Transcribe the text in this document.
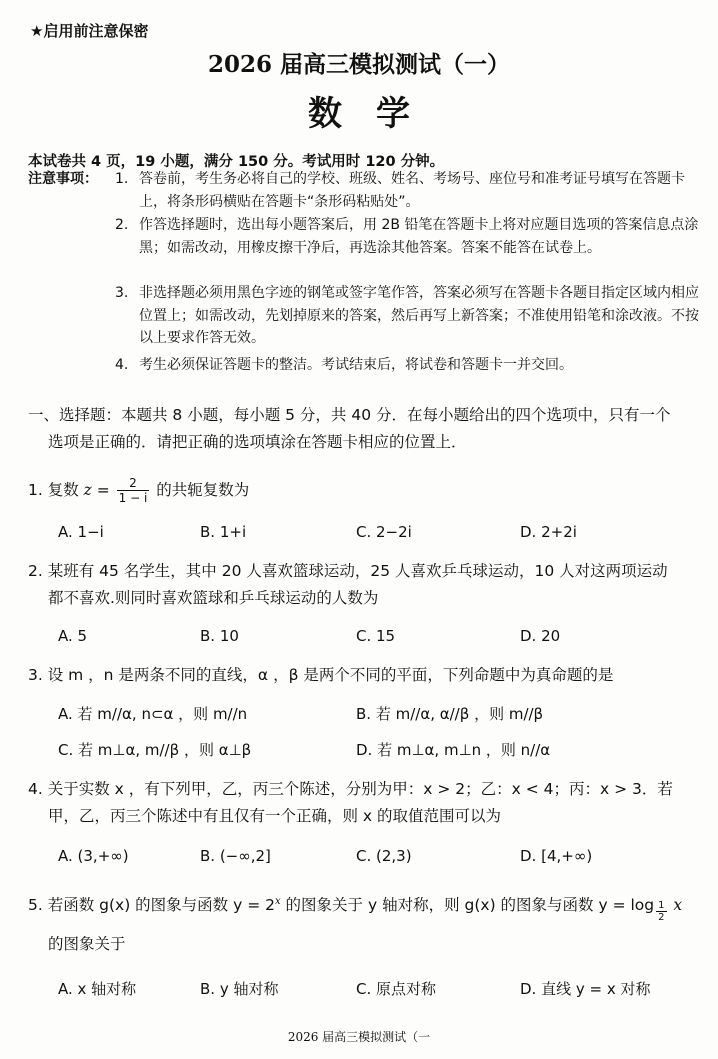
★启用前注意保密
2026 届高三模拟测试（一）
数学
本试卷共 4 页，19 小题，满分 150 分。考试用时 120 分钟。
注意事项： 1. 答卷前，考生务必将自己的学校、班级、姓名、考场号、座位号和准考证号填写在答题卡上，将条形码横贴在答题卡“条形码粘贴处”。
2. 作答选择题时，选出每小题答案后，用 2B 铅笔在答题卡上将对应题目选项的答案信息点涂黑；如需改动，用橡皮擦干净后，再选涂其他答案。答案不能答在试卷上。
3. 非选择题必须用黑色字迹的钢笔或签字笔作答，答案必须写在答题卡各题目指定区域内相应位置上；如需改动，先划掉原来的答案，然后再写上新答案；不准使用铅笔和涂改液。不按以上要求作答无效。
4. 考生必须保证答题卡的整洁。考试结束后，将试卷和答题卡一并交回。
一、选择题：本题共 8 小题，每小题 5 分，共 40 分．在每小题给出的四个选项中，只有一个
选项是正确的．请把正确的选项填涂在答题卡相应的位置上．
1. 复数 $z = \frac{2}{1 - i}$ 的共轭复数为
A. 1−i	B. 1+i	C. 2−2i	D. 2+2i
2. 某班有 45 名学生，其中 20 人喜欢篮球运动，25 人喜欢乒乓球运动，10 人对这两项运动
都不喜欢.则同时喜欢篮球和乒乓球运动的人数为
A. 5	B. 10	C. 15	D. 20
3. 设 m ，n 是两条不同的直线，α ，β 是两个不同的平面，下列命题中为真命题的是
A. 若 m//α, n⊂α ，则 m//n	B. 若 m//α, α//β ，则 m//β
C. 若 m⊥α, m//β ，则 α⊥β	D. 若 m⊥α, m⊥n ，则 n//α
4. 关于实数 x ，有下列甲，乙，丙三个陈述，分别为甲：x > 2；乙：x < 4；丙：x > 3．若
甲，乙，丙三个陈述中有且仅有一个正确，则 x 的取值范围可以为
A. (3,+∞)	B. (−∞,2]	C. (2,3)	D. [4,+∞)
5. 若函数 g(x) 的图象与函数 $y = 2^x$ 的图象关于 y 轴对称，则 g(x) 的图象与函数 $y = \log \frac{1}{2}$ x
的图象关于
A. x 轴对称	B. y 轴对称	C. 原点对称	D. 直线 y = x 对称
2026 届高三模拟测试（一
